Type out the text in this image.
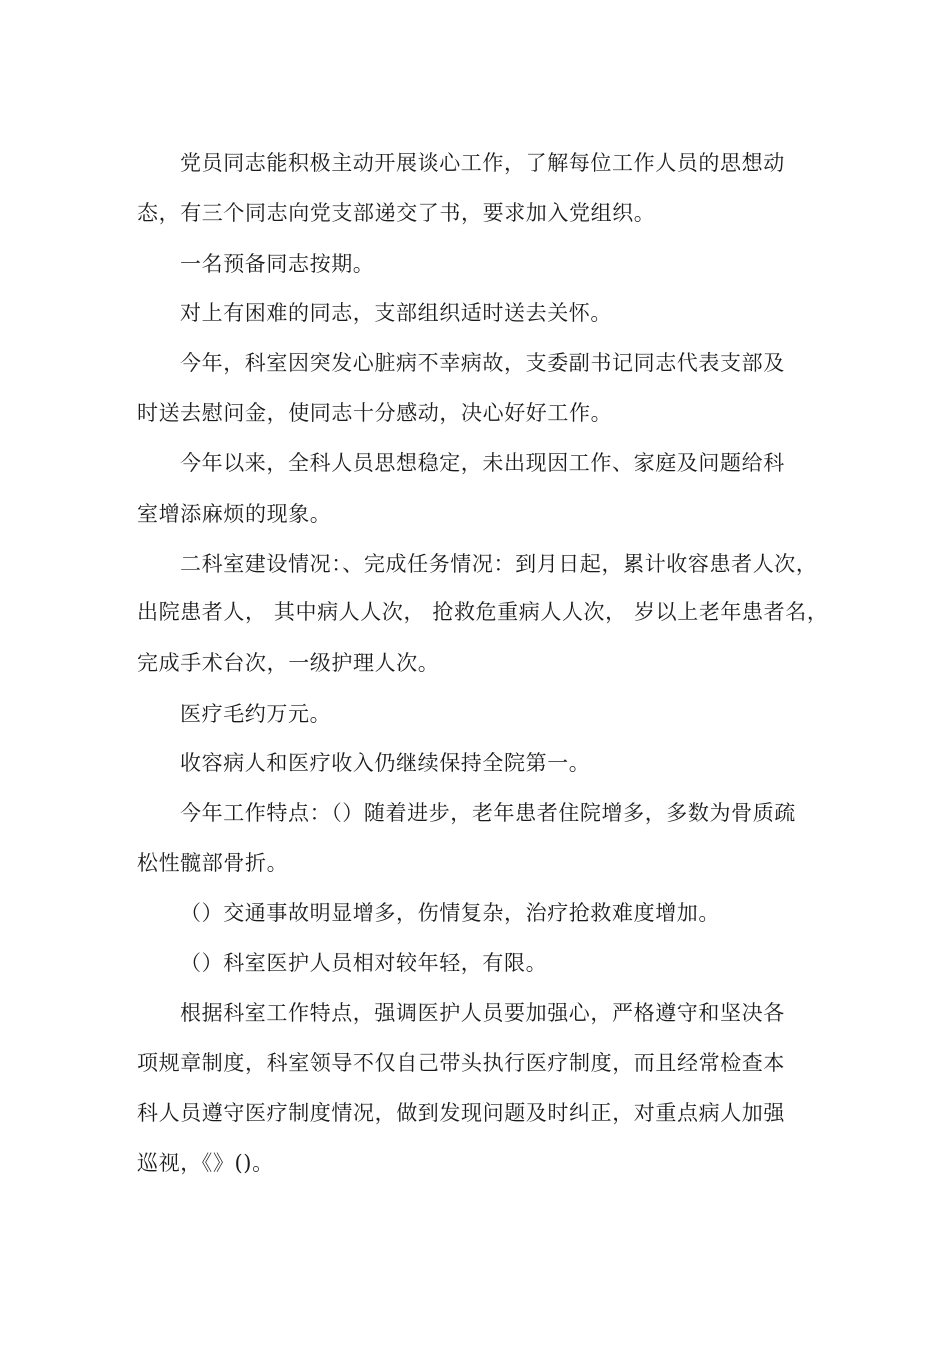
党员同志能积极主动开展谈心工作，了解每位工作人员的思想动
态，有三个同志向党支部递交了书，要求加入党组织。
一名预备同志按期。
对上有困难的同志，支部组织适时送去关怀。
今年，科室因突发心脏病不幸病故，支委副书记同志代表支部及
时送去慰问金，使同志十分感动，决心好好工作。
今年以来，全科人员思想稳定，未出现因工作、家庭及问题给科
室增添麻烦的现象。
二科室建设情况：、完成任务情况：到月日起，累计收容患者人次，
出院患者人， 其中病人人次， 抢救危重病人人次， 岁以上老年患者名，
完成手术台次，一级护理人次。
医疗毛约万元。
收容病人和医疗收入仍继续保持全院第一。
今年工作特点：（）随着进步，老年患者住院增多，多数为骨质疏
松性髋部骨折。
（）交通事故明显增多，伤情复杂，治疗抢救难度增加。
（）科室医护人员相对较年轻，有限。
根据科室工作特点，强调医护人员要加强心，严格遵守和坚决各
项规章制度，科室领导不仅自己带头执行医疗制度，而且经常检查本
科人员遵守医疗制度情况，做到发现问题及时纠正，对重点病人加强
巡视，《》()。
